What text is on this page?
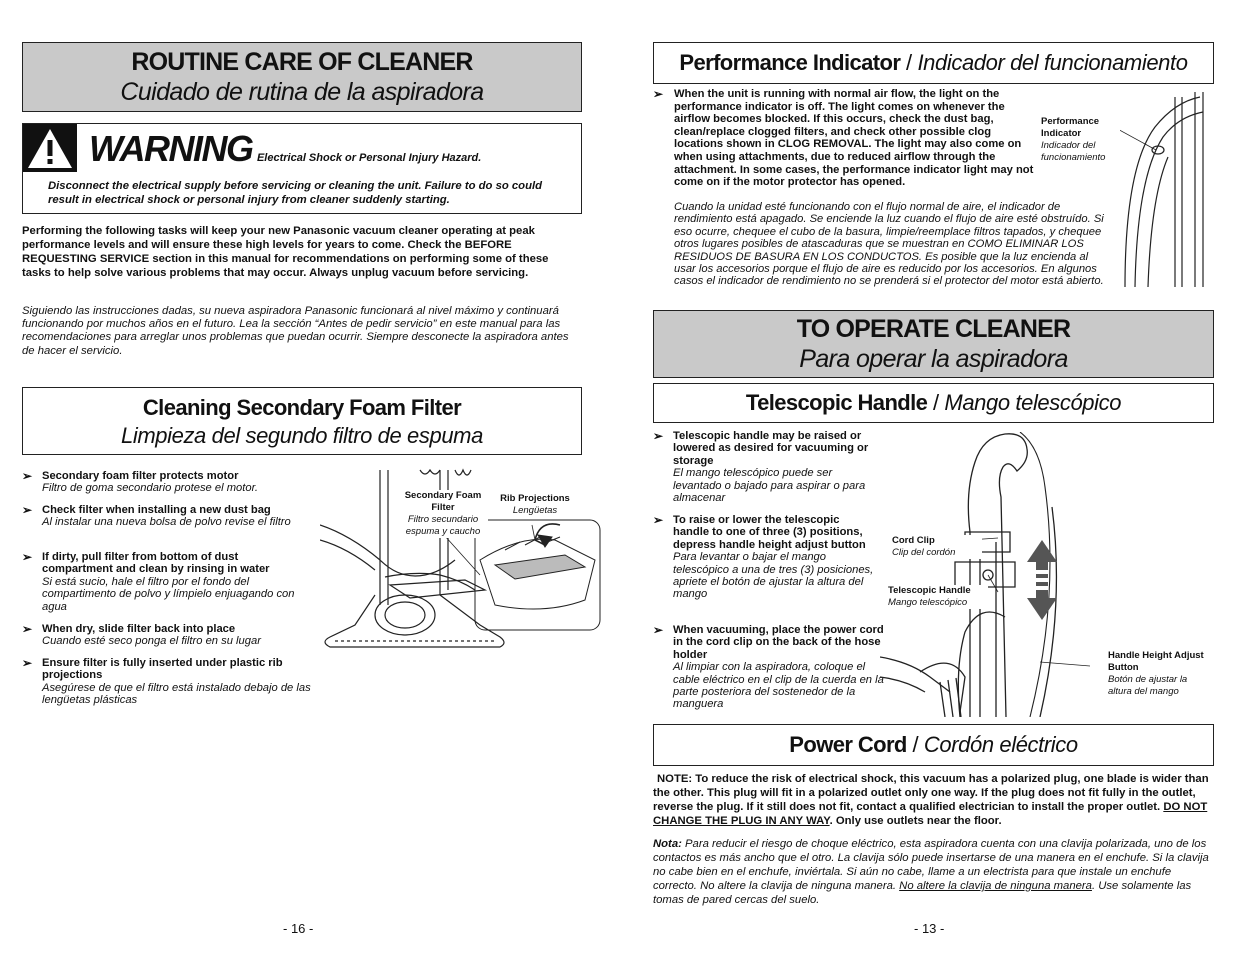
ROUTINE CARE OF CLEANER
Cuidado de rutina de la aspiradora
WARNING Electrical Shock or Personal Injury Hazard.

Disconnect the electrical supply before servicing or cleaning the unit. Failure to do so could result in electrical shock or personal injury from cleaner suddenly starting.

Performing the following tasks will keep your new Panasonic vacuum cleaner operating at peak performance levels and will ensure these high levels for years to come. Check the BEFORE REQUESTING SERVICE section in this manual for recommendations on performing some of these tasks to help solve various problems that may occur. Always unplug vacuum before servicing.

Siguiendo las instrucciones dadas, su nueva aspiradora Panasonic funcionará al nivel máximo y continuará funcionando por muchos años en el futuro. Lea la sección “Antes de pedir servicio” en este manual para las recomendaciones para arreglar unos problemas que puedan ocurrir. Siempre desconecte la aspiradora antes de hacer el servicio.

Cleaning Secondary Foam Filter
Limpieza del segundo filtro de espuma
➢ Secondary foam filter protects motor
Filtro de goma secondario protese el motor.
➢ Check filter when installing a new dust bag
Al instalar una nueva bolsa de polvo revise el filtro
➢ If dirty, pull filter from bottom of dust compartment and clean by rinsing in water
Si está sucio, hale el filtro por el fondo del compartimento de polvo y límpielo enjuagando con agua
➢ When dry, slide filter back into place
Cuando esté seco ponga el filtro en su lugar
➢ Ensure filter is fully inserted under plastic rib projections
Asegúrese de que el filtro está instalado debajo de las lengüetas plásticas
Secondary Foam Filter
Filtro secundario espuma y caucho
Rib Projections
Lengüetas
- 16 -
Performance Indicator / Indicador del funcionamiento
➢ When the unit is running with normal air flow, the light on the performance indicator is off. The light comes on whenever the airflow becomes blocked. If this occurs, check the dust bag, clean/replace clogged filters, and check other possible clog locations shown in CLOG REMOVAL. The light may also come on when using attachments, due to reduced airflow through the attachment. In some cases, the performance indicator light may not come on if the motor protector has opened.

Cuando la unidad esté funcionando con el flujo normal de aire, el indicador de rendimiento está apagado. Se enciende la luz cuando el flujo de aire esté obstruído. Si eso ocurre, chequee el cubo de la basura, limpie/reemplace filtros tapados, y chequee otros lugares posibles de atascaduras que se muestran en COMO ELIMINAR LOS RESIDUOS DE BASURA EN LOS CONDUCTOS. Es posible que la luz encienda al usar los accesorios porque el flujo de aire es reducido por los accesorios. En algunos casos el indicador de rendimiento no se prenderá si el protector del motor está abierto.

Performance Indicator
Indicador del funcionamiento
TO OPERATE CLEANER
Para operar la aspiradora
Telescopic Handle / Mango telescópico
➢ Telescopic handle may be raised or lowered as desired for vacuuming or storage
El mango telescópico puede ser levantado o bajado para aspirar o para almacenar
➢ To raise or lower the telescopic handle to one of three (3) positions, depress handle height adjust button
Para levantar o bajar el mango telescópico a una de tres (3) posiciones, apriete el botón de ajustar la altura del mango
➢ When vacuuming, place the power cord in the cord clip on the back of the hose holder
Al limpiar con la aspiradora, coloque el cable eléctrico en el clip de la cuerda en la parte posteriora del sostenedor de la manguera
Cord Clip
Clip del cordón
Telescopic Handle
Mango telescópico
Handle Height Adjust Button
Botón de ajustar la altura del mango
Power Cord / Cordón eléctrico

NOTE: To reduce the risk of electrical shock, this vacuum has a polarized plug, one blade is wider than the other. This plug will fit in a polarized outlet only one way. If the plug does not fit fully in the outlet, reverse the plug. If it still does not fit, contact a qualified electrician to install the proper outlet. DO NOT CHANGE THE PLUG IN ANY WAY. Only use outlets near the floor.

Nota: Para reducir el riesgo de choque eléctrico, esta aspiradora cuenta con una clavija polarizada, uno de los contactos es más ancho que el otro. La clavija sólo puede insertarse de una manera en el enchufe. Si la clavija no cabe bien en el enchufe, inviértala. Si aún no cabe, llame a un electrista para que instale un enchufe correcto. No altere la clavija de ninguna manera. No altere la clavija de ninguna manera. Use solamente las tomas de pared cercas del suelo.

- 13 -
